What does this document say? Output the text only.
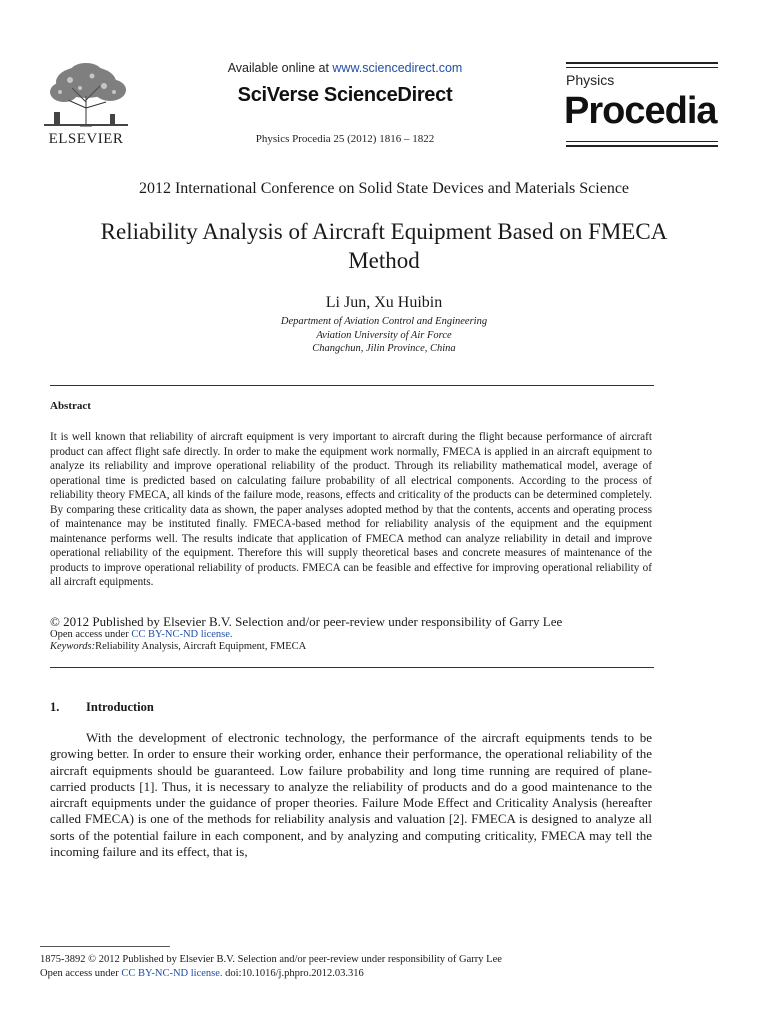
ELSEVIER
Available online at www.sciencedirect.com
SciVerse ScienceDirect
Physics Procedia 25 (2012) 1816 – 1822
Physics
Procedia
2012 International Conference on Solid State Devices and Materials Science
Reliability Analysis of Aircraft Equipment Based on FMECA
Method
Li Jun, Xu Huibin
Department of Aviation Control and Engineering
Aviation University of Air Force
Changchun, Jilin Province, China
Abstract
It is well known that reliability of aircraft equipment is very important to aircraft during the flight because performance of aircraft product can affect flight safe directly. In order to make the equipment work normally, FMECA is applied in an aircraft equipment to analyze its reliability and improve operational reliability of the product. Through its reliability mathematical model, average of operational time is predicted based on calculating failure probability of all electrical components. According to the process of reliability theory FMECA, all kinds of the failure mode, reasons, effects and criticality of the products can be determined completely. By comparing these criticality data as shown, the paper analyses adopted method by that the contents, accents and operating process of maintenance may be instituted finally. FMECA-based method for reliability analysis of the equipment and the equipment maintenance performs well. The results indicate that application of FMECA method can analyze reliability in detail and improve operational reliability of the equipment. Therefore this will supply theoretical bases and concrete measures of maintenance of the products to improve operational reliability of products. FMECA can be feasible and effective for improving operational reliability of all aircraft equipments.
© 2012 Published by Elsevier B.V. Selection and/or peer-review under responsibility of Garry Lee
Open access under CC BY-NC-ND license.
Keywords:Reliability Analysis, Aircraft Equipment, FMECA
1. Introduction
With the development of electronic technology, the performance of the aircraft equipments tends to be growing better. In order to ensure their working order, enhance their performance, the operational reliability of the aircraft equipments should be guaranteed. Low failure probability and long time running are required of plane-carried products [1]. Thus, it is necessary to analyze the reliability of products and do a good maintenance to the aircraft equipments under the guidance of proper theories. Failure Mode Effect and Criticality Analysis (hereafter called FMECA) is one of the methods for reliability analysis and valuation [2]. FMECA is designed to analyze all sorts of the potential failure in each component, and by analyzing and computing criticality, FMECA may tell the incoming failure and its effect, that is,
1875-3892 © 2012 Published by Elsevier B.V. Selection and/or peer-review under responsibility of Garry Lee
Open access under CC BY-NC-ND license. doi:10.1016/j.phpro.2012.03.316
